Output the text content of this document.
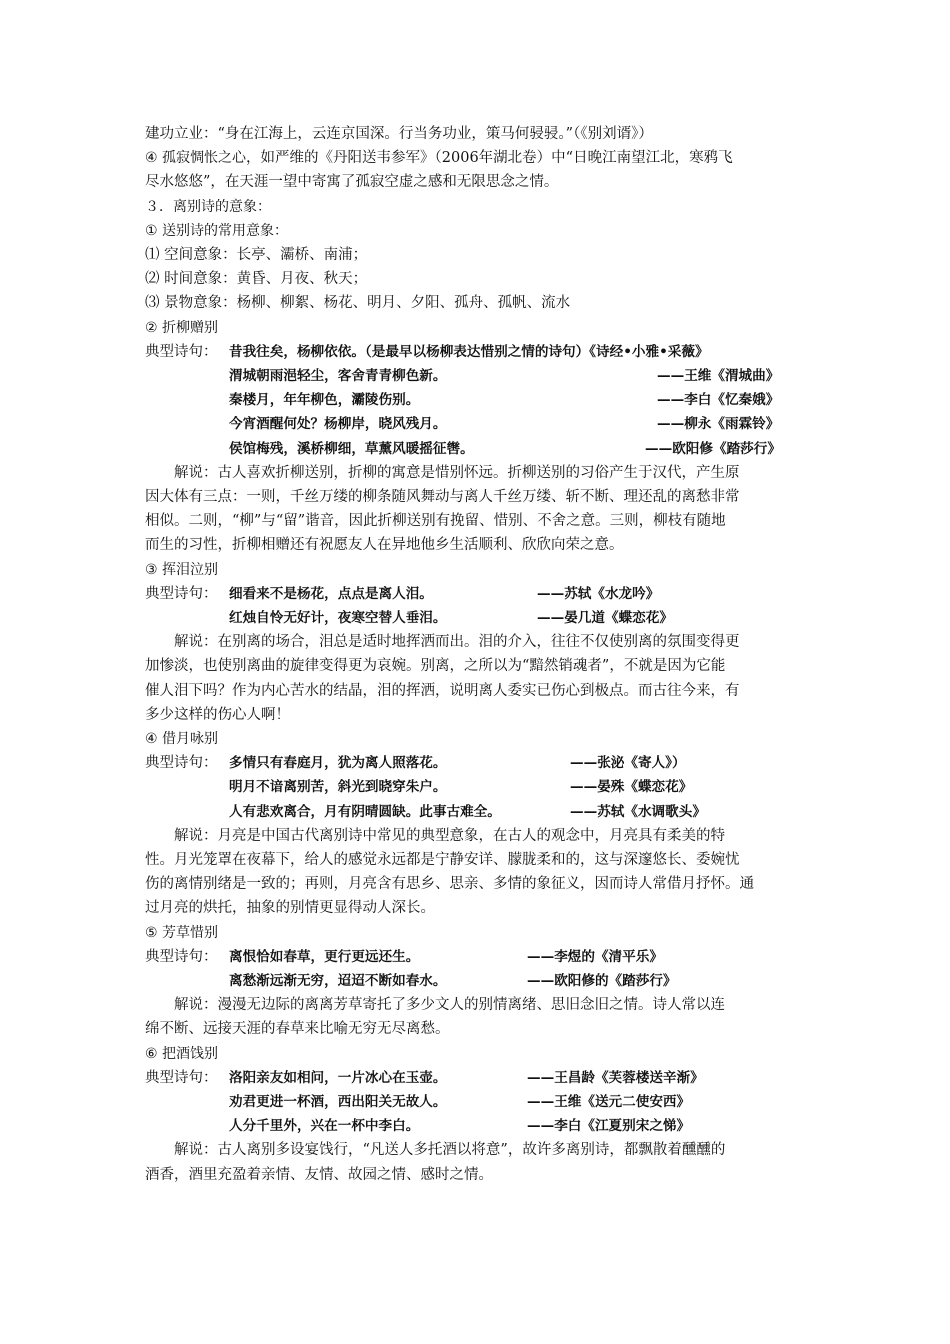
建功立业：“身在江海上，云连京国深。行当务功业，策马何骎骎。”（《别刘谞》）
④ 孤寂惆怅之心，如严维的《丹阳送韦参军》（2006年湖北卷）中“日晚江南望江北，寒鸦飞
尽水悠悠”，在天涯一望中寄寓了孤寂空虚之感和无限思念之情。
３．离别诗的意象：
① 送别诗的常用意象：
⑴ 空间意象：长亭、灞桥、南浦；
⑵ 时间意象：黄昏、月夜、秋天；
⑶ 景物意象：杨柳、柳絮、杨花、明月、夕阳、孤舟、孤帆、流水
② 折柳赠别
典型诗句： 昔我往矣，杨柳依依。（是最早以杨柳表达惜别之情的诗句）《诗经•小雅•采薇》
渭城朝雨浥轻尘，客舍青青柳色新。	——王维《渭城曲》
秦楼月，年年柳色，灞陵伤别。	——李白《忆秦娥》
今宵酒醒何处？杨柳岸，晓风残月。	——柳永《雨霖铃》
侯馆梅残，溪桥柳细，草薰风暖摇征辔。	——欧阳修《踏莎行》
解说：古人喜欢折柳送别，折柳的寓意是惜别怀远。折柳送别的习俗产生于汉代，产生原
因大体有三点：一则，千丝万缕的柳条随风舞动与离人千丝万缕、斩不断、理还乱的离愁非常
相似。二则，“柳”与“留”谐音，因此折柳送别有挽留、惜别、不舍之意。三则，柳枝有随地
而生的习性，折柳相赠还有祝愿友人在异地他乡生活顺利、欣欣向荣之意。
③ 挥泪泣别
典型诗句： 细看来不是杨花，点点是离人泪。	——苏轼《水龙吟》
红烛自怜无好计，夜寒空替人垂泪。	——晏几道《蝶恋花》
解说：在别离的场合，泪总是适时地挥洒而出。泪的介入，往往不仅使别离的氛围变得更
加惨淡，也使别离曲的旋律变得更为哀婉。别离，之所以为“黯然销魂者”，不就是因为它能
催人泪下吗？作为内心苦水的结晶，泪的挥洒，说明离人委实已伤心到极点。而古往今来，有
多少这样的伤心人啊！
④ 借月咏别
典型诗句： 多情只有春庭月，犹为离人照落花。	——张泌《寄人》）
明月不谙离别苦，斜光到晓穿朱户。	——晏殊《蝶恋花》
人有悲欢离合，月有阴晴圆缺。此事古难全。	——苏轼《水调歌头》
解说：月亮是中国古代离别诗中常见的典型意象，在古人的观念中，月亮具有柔美的特
性。月光笼罩在夜幕下，给人的感觉永远都是宁静安详、朦胧柔和的，这与深邃悠长、委婉忧
伤的离情别绪是一致的；再则，月亮含有思乡、思亲、多情的象征义，因而诗人常借月抒怀。通
过月亮的烘托，抽象的别情更显得动人深长。
⑤ 芳草惜别
典型诗句： 离恨恰如春草，更行更远还生。	——李煜的《清平乐》
离愁渐远渐无穷，迢迢不断如春水。	——欧阳修的《踏莎行》
解说：漫漫无边际的离离芳草寄托了多少文人的别情离绪、思旧念旧之情。诗人常以连
绵不断、远接天涯的春草来比喻无穷无尽离愁。
⑥ 把酒饯别
典型诗句： 洛阳亲友如相问，一片冰心在玉壶。	——王昌龄《芙蓉楼送辛渐》
劝君更进一杯酒，西出阳关无故人。	——王维《送元二使安西》
人分千里外，兴在一杯中李白。	——李白《江夏别宋之悌》
解说：古人离别多设宴饯行，“凡送人多托酒以将意”，故许多离别诗，都飘散着醺醺的
酒香，酒里充盈着亲情、友情、故园之情、感时之情。
